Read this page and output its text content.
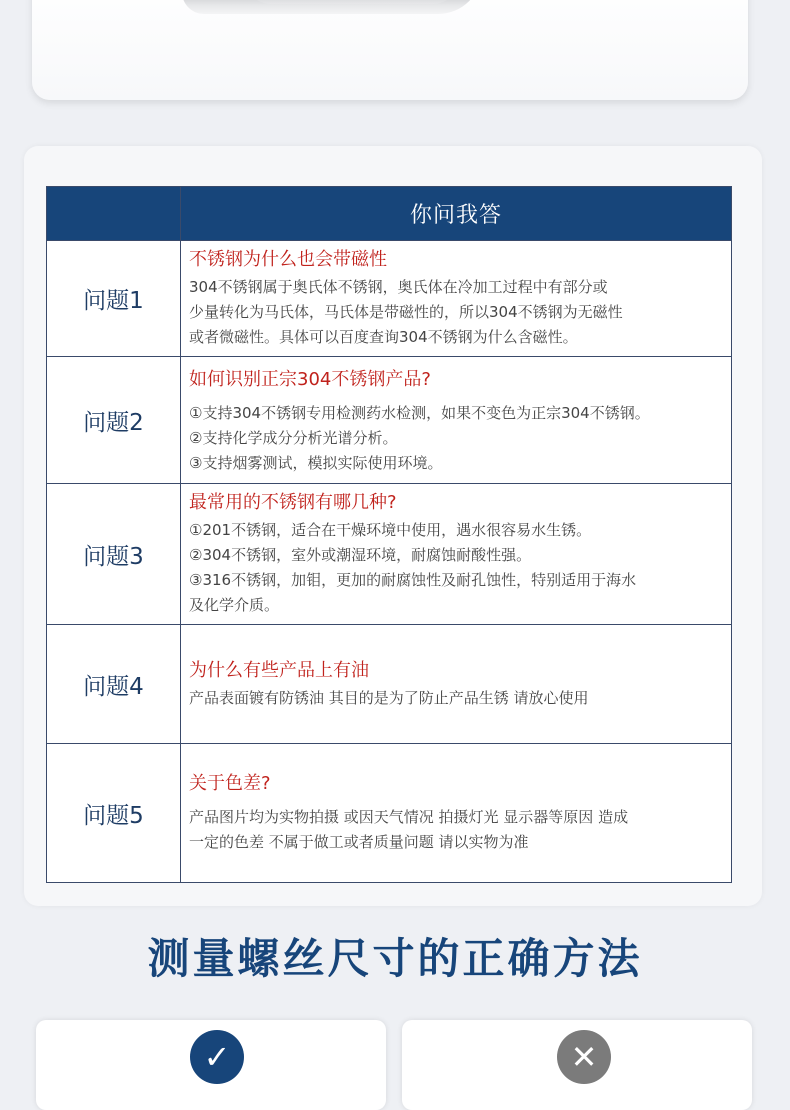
	你问我答
问题1	不锈钢为什么也会带磁性
304不锈钢属于奥氏体不锈钢，奥氏体在冷加工过程中有部分或
少量转化为马氏体，马氏体是带磁性的，所以304不锈钢为无磁性
或者微磁性。具体可以百度查询304不锈钢为什么含磁性。

问题2	如何识别正宗304不锈钢产品?
①支持304不锈钢专用检测药水检测，如果不变色为正宗304不锈钢。
②支持化学成分分析光谱分析。
③支持烟雾测试，模拟实际使用环境。

问题3	最常用的不锈钢有哪几种?
①201不锈钢，适合在干燥环境中使用，遇水很容易水生锈。
②304不锈钢，室外或潮湿环境，耐腐蚀耐酸性强。
③316不锈钢，加钼，更加的耐腐蚀性及耐孔蚀性，特别适用于海水
及化学介质。

问题4	为什么有些产品上有油
产品表面镀有防锈油 其目的是为了防止产品生锈 请放心使用

问题5	关于色差?
产品图片均为实物拍摄 或因天气情况 拍摄灯光 显示器等原因 造成
一定的色差 不属于做工或者质量问题 请以实物为准
测量螺丝尺寸的正确方法
✓	✕
